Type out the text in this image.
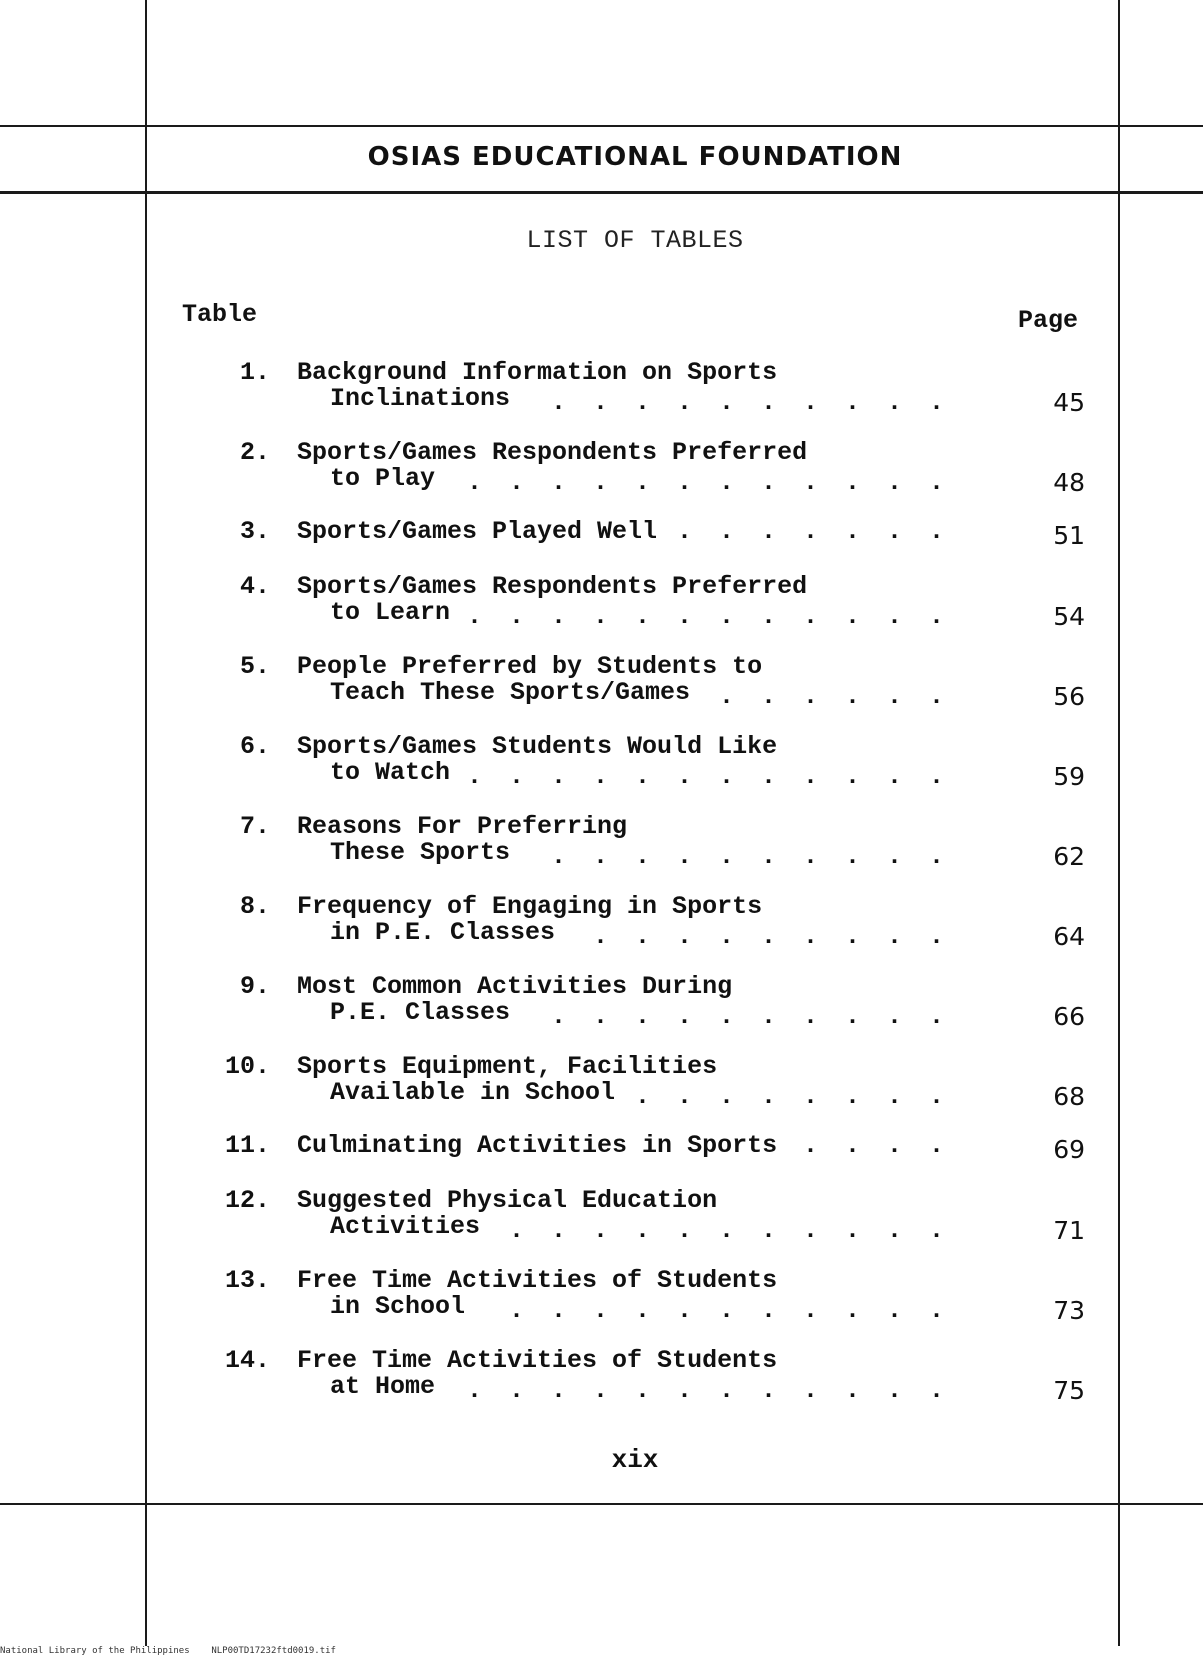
OSIAS EDUCATIONAL FOUNDATION
LIST OF TABLES
Table	Page
1. Background Information on Sports
Inclinations . . . . . . . . . .	45
2. Sports/Games Respondents Preferred
to Play . . . . . . . . . . . .	48
3. Sports/Games Played Well . . . . . . .	51
4. Sports/Games Respondents Preferred
to Learn . . . . . . . . . . . .	54
5. People Preferred by Students to
Teach These Sports/Games . . . . . .	56
6. Sports/Games Students Would Like
to Watch . . . . . . . . . . . .	59
7. Reasons For Preferring
These Sports . . . . . . . . . .	62
8. Frequency of Engaging in Sports
in P.E. Classes . . . . . . . . .	64
9. Most Common Activities During
P.E. Classes . . . . . . . . . .	66
10. Sports Equipment, Facilities
Available in School . . . . . . . .	68
11. Culminating Activities in Sports . . . .	69
12. Suggested Physical Education
Activities . . . . . . . . . . .	71
13. Free Time Activities of Students
in School . . . . . . . . . . .	73
14. Free Time Activities of Students
at Home . . . . . . . . . . . .	75
xix
National Library of the Philippines NLP00TD17232ftd0019.tif
